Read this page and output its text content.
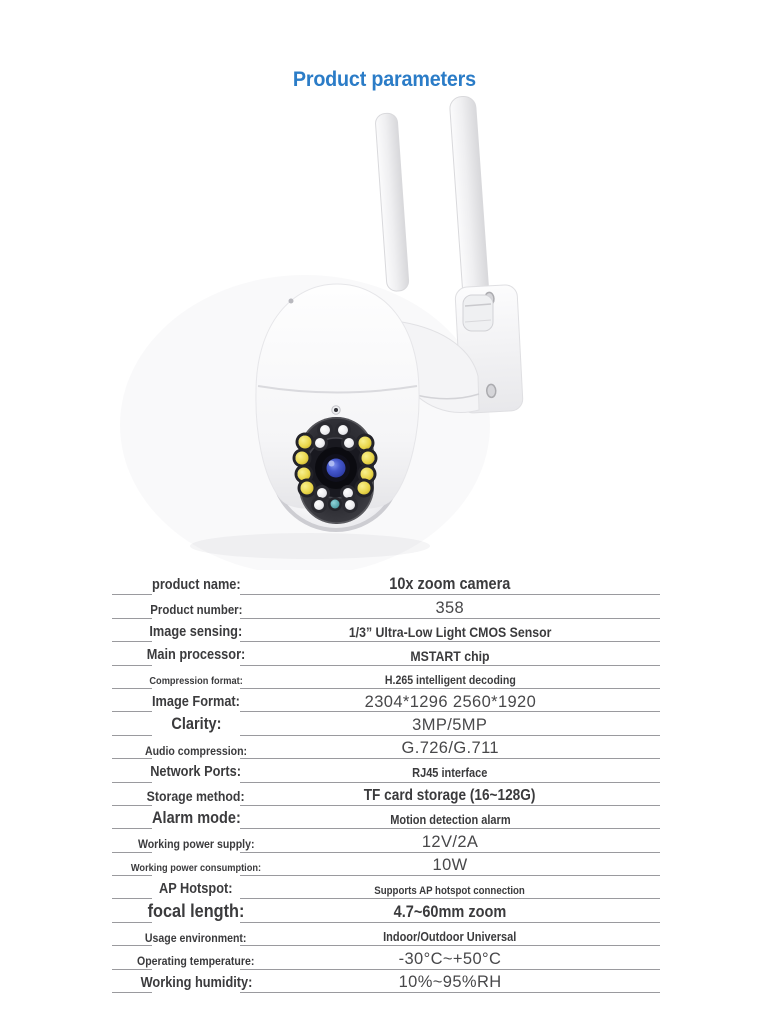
Product parameters
product name:	10x zoom camera
Product number:	358
Image sensing:	1/3” Ultra-Low Light CMOS Sensor
Main processor:	MSTART chip
Compression format:	H.265 intelligent decoding
Image Format:	2304*1296 2560*1920
Clarity:	3MP/5MP
Audio compression:	G.726/G.711
Network Ports:	RJ45 interface
Storage method:	TF card storage (16~128G)
Alarm mode:	Motion detection alarm
Working power supply:	12V/2A
Working power consumption:	10W
AP Hotspot:	Supports AP hotspot connection
focal length:	4.7~60mm zoom
Usage environment:	Indoor/Outdoor Universal
Operating temperature:	-30°C~+50°C
Working humidity:	10%~95%RH
